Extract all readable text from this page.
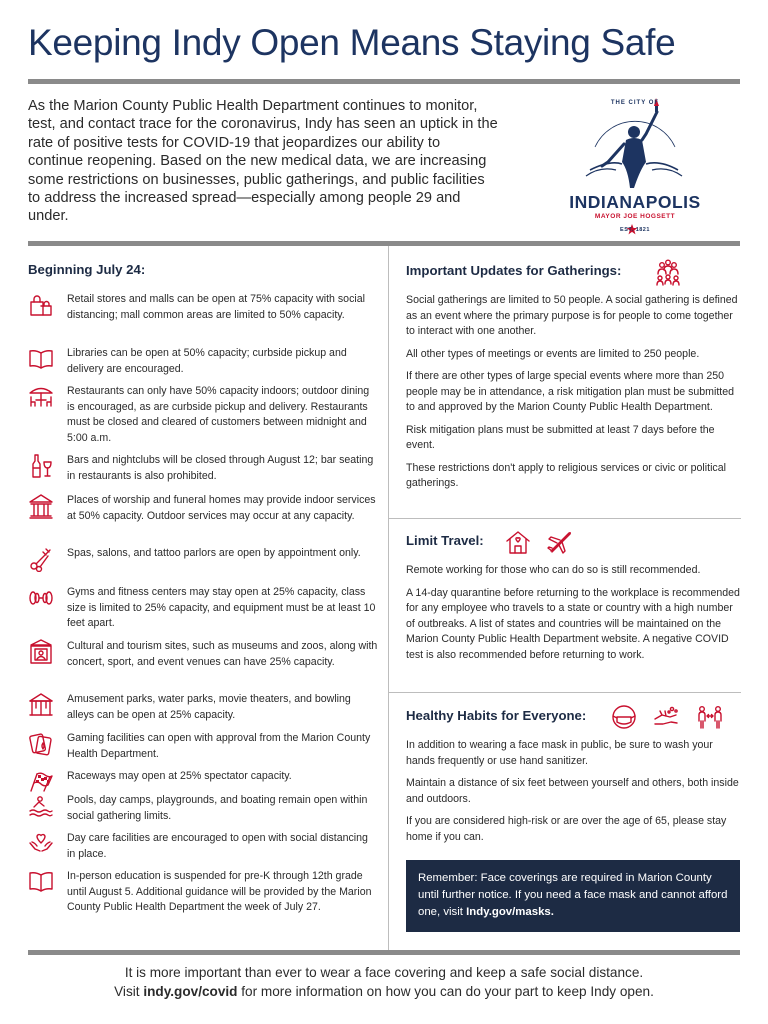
Keeping Indy Open Means Staying Safe

As the Marion County Public Health Department continues to monitor, test, and contact trace for the coronavirus, Indy has seen an uptick in the rate of positive tests for COVID-19 that jeopardizes our ability to continue reopening. Based on the new medical data, we are increasing some restrictions on businesses, public gatherings, and public facilities to address the increased spread—especially among people 29 and under.

THE CITY OF
INDIANAPOLIS
MAYOR JOE HOGSETT
EST. 1821
Beginning July 24:
Retail stores and malls can be open at 75% capacity with social distancing; mall common areas are limited to 50% capacity.
Libraries can be open at 50% capacity; curbside pickup and delivery are encouraged.
Restaurants can only have 50% capacity indoors; outdoor dining is encouraged, as are curbside pickup and delivery. Restaurants must be closed and cleared of customers between midnight and 5:00 a.m.
Bars and nightclubs will be closed through August 12; bar seating in restaurants is also prohibited.
Places of worship and funeral homes may provide indoor services at 50% capacity. Outdoor services may occur at any capacity.
Spas, salons, and tattoo parlors are open by appointment only.
Gyms and fitness centers may stay open at 25% capacity, class size is limited to 25% capacity, and equipment must be at least 10 feet apart.
Cultural and tourism sites, such as museums and zoos, along with concert, sport, and event venues can have 25% capacity.
Amusement parks, water parks, movie theaters, and bowling alleys can be open at 25% capacity.
Gaming facilities can open with approval from the Marion County Health Department.
Raceways may open at 25% spectator capacity.
Pools, day camps, playgrounds, and boating remain open within social gathering limits.
Day care facilities are encouraged to open with social distancing in place.
In-person education is suspended for pre-K through 12th grade until August 5. Additional guidance will be provided by the Marion County Public Health Department the week of July 27.
Important Updates for Gatherings:

Social gatherings are limited to 50 people. A social gathering is defined as an event where the primary purpose is for people to come together to interact with one another.

All other types of meetings or events are limited to 250 people.

If there are other types of large special events where more than 250 people may be in attendance, a risk mitigation plan must be submitted to and approved by the Marion County Public Health Department.

Risk mitigation plans must be submitted at least 7 days before the event.

These restrictions don't apply to religious services or civic or political gatherings.

Limit Travel:

Remote working for those who can do so is still recommended.

A 14-day quarantine before returning to the workplace is recommended for any employee who travels to a state or country with a high number of outbreaks. A list of states and countries will be maintained on the Marion County Public Health Department website. A negative COVID test is also recommended before returning to work.

Healthy Habits for Everyone:

In addition to wearing a face mask in public, be sure to wash your hands frequently or use hand sanitizer.

Maintain a distance of six feet between yourself and others, both inside and outdoors.

If you are considered high-risk or are over the age of 65, please stay home if you can.

Remember: Face coverings are required in Marion County until further notice. If you need a face mask and cannot afford one, visit Indy.gov/masks.
It is more important than ever to wear a face covering and keep a safe social distance.
Visit indy.gov/covid for more information on how you can do your part to keep Indy open.
